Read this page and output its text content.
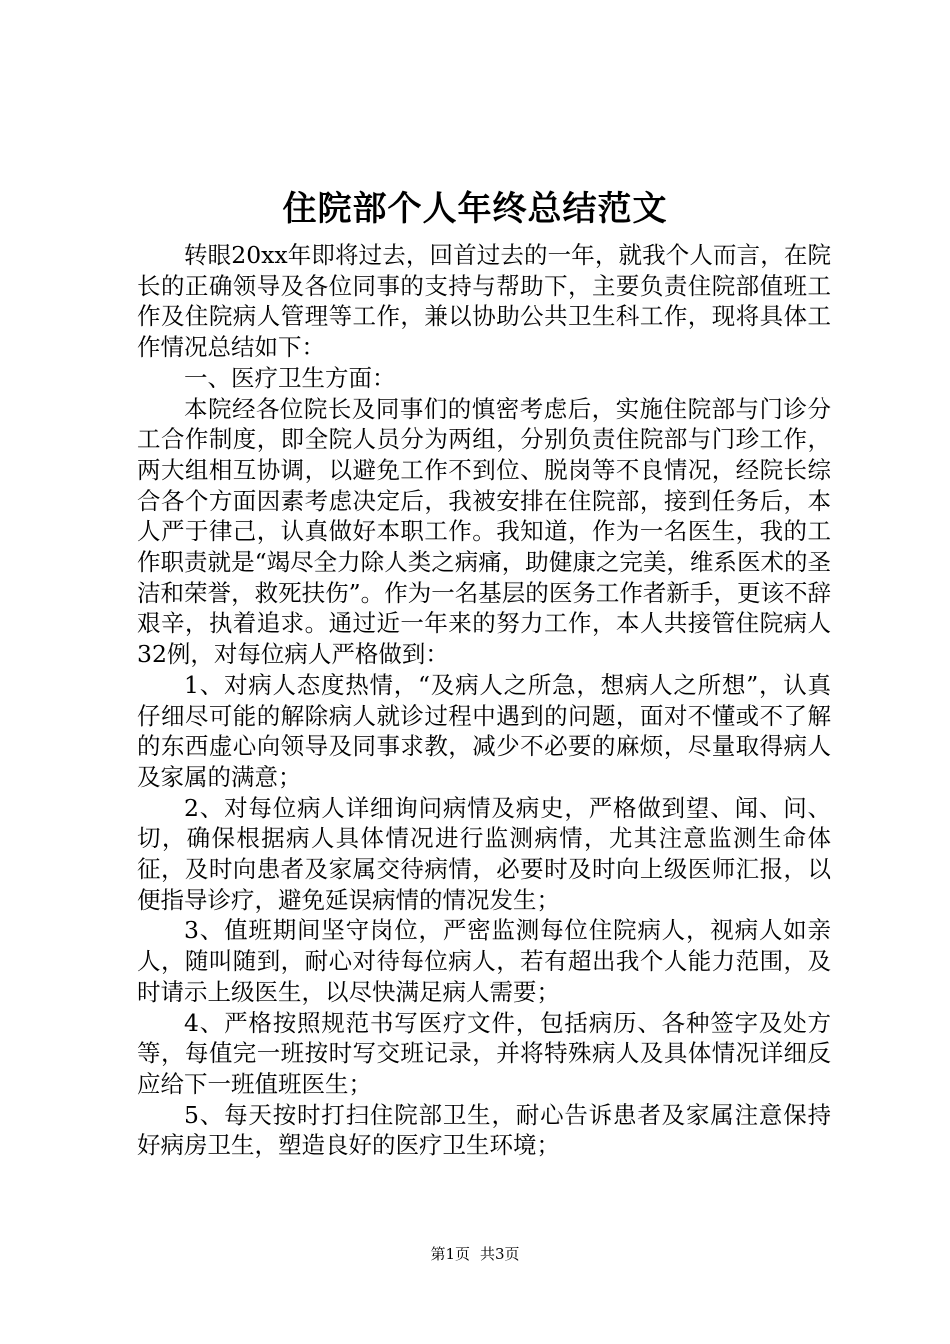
住院部个人年终总结范文

转眼20xx年即将过去，回首过去的一年，就我个人而言，在院长的正确领导及各位同事的支持与帮助下，主要负责住院部值班工作及住院病人管理等工作，兼以协助公共卫生科工作，现将具体工作情况总结如下：

一、医疗卫生方面：

本院经各位院长及同事们的慎密考虑后，实施住院部与门诊分工合作制度，即全院人员分为两组，分别负责住院部与门珍工作，两大组相互协调，以避免工作不到位、脱岗等不良情况，经院长综合各个方面因素考虑决定后，我被安排在住院部，接到任务后，本人严于律己，认真做好本职工作。我知道，作为一名医生，我的工作职责就是“竭尽全力除人类之病痛，助健康之完美，维系医术的圣洁和荣誉，救死扶伤”。作为一名基层的医务工作者新手，更该不辞艰辛，执着追求。通过近一年来的努力工作，本人共接管住院病人32例，对每位病人严格做到：

1、对病人态度热情，“及病人之所急，想病人之所想”，认真仔细尽可能的解除病人就诊过程中遇到的问题，面对不懂或不了解的东西虚心向领导及同事求教，减少不必要的麻烦，尽量取得病人及家属的满意；

2、对每位病人详细询问病情及病史，严格做到望、闻、问、切，确保根据病人具体情况进行监测病情，尤其注意监测生命体征，及时向患者及家属交待病情，必要时及时向上级医师汇报，以便指导诊疗，避免延误病情的情况发生；

3、值班期间坚守岗位，严密监测每位住院病人，视病人如亲人，随叫随到，耐心对待每位病人，若有超出我个人能力范围，及时请示上级医生，以尽快满足病人需要；

4、严格按照规范书写医疗文件，包括病历、各种签字及处方等，每值完一班按时写交班记录，并将特殊病人及具体情况详细反应给下一班值班医生；

5、每天按时打扫住院部卫生，耐心告诉患者及家属注意保持好病房卫生，塑造良好的医疗卫生环境；

第1页 共3页
